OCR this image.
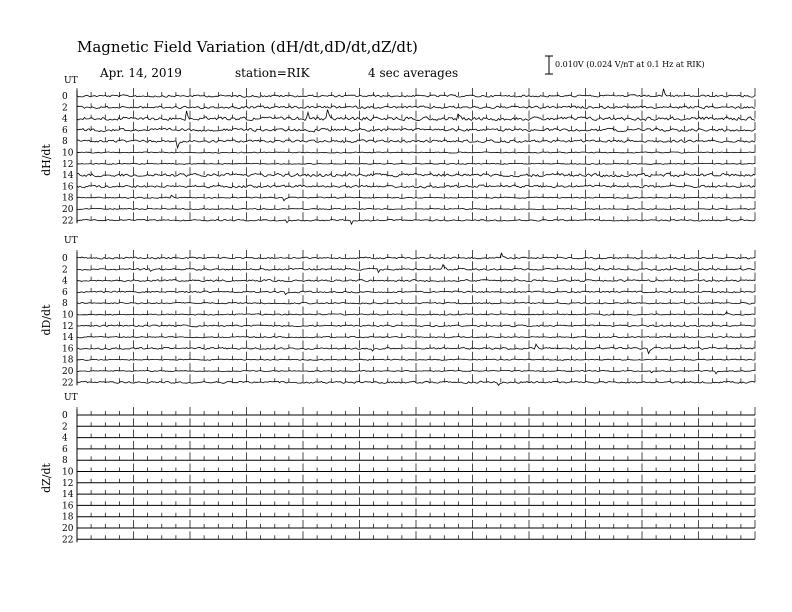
Magnetic Field Variation (dH/dt,dD/dt,dZ/dt)
Apr. 14, 2019	station=RIK	4 sec averages
0.010V (0.024 V/nT at 0.1 Hz at RIK)
UT
dH/dt
0
2
4
6
8
10
12
14
16
18
20
22
UT
dD/dt
0
2
4
6
8
10
12
14
16
18
20
22
UT
dZ/dt
0
2
4
6
8
10
12
14
16
18
20
22
